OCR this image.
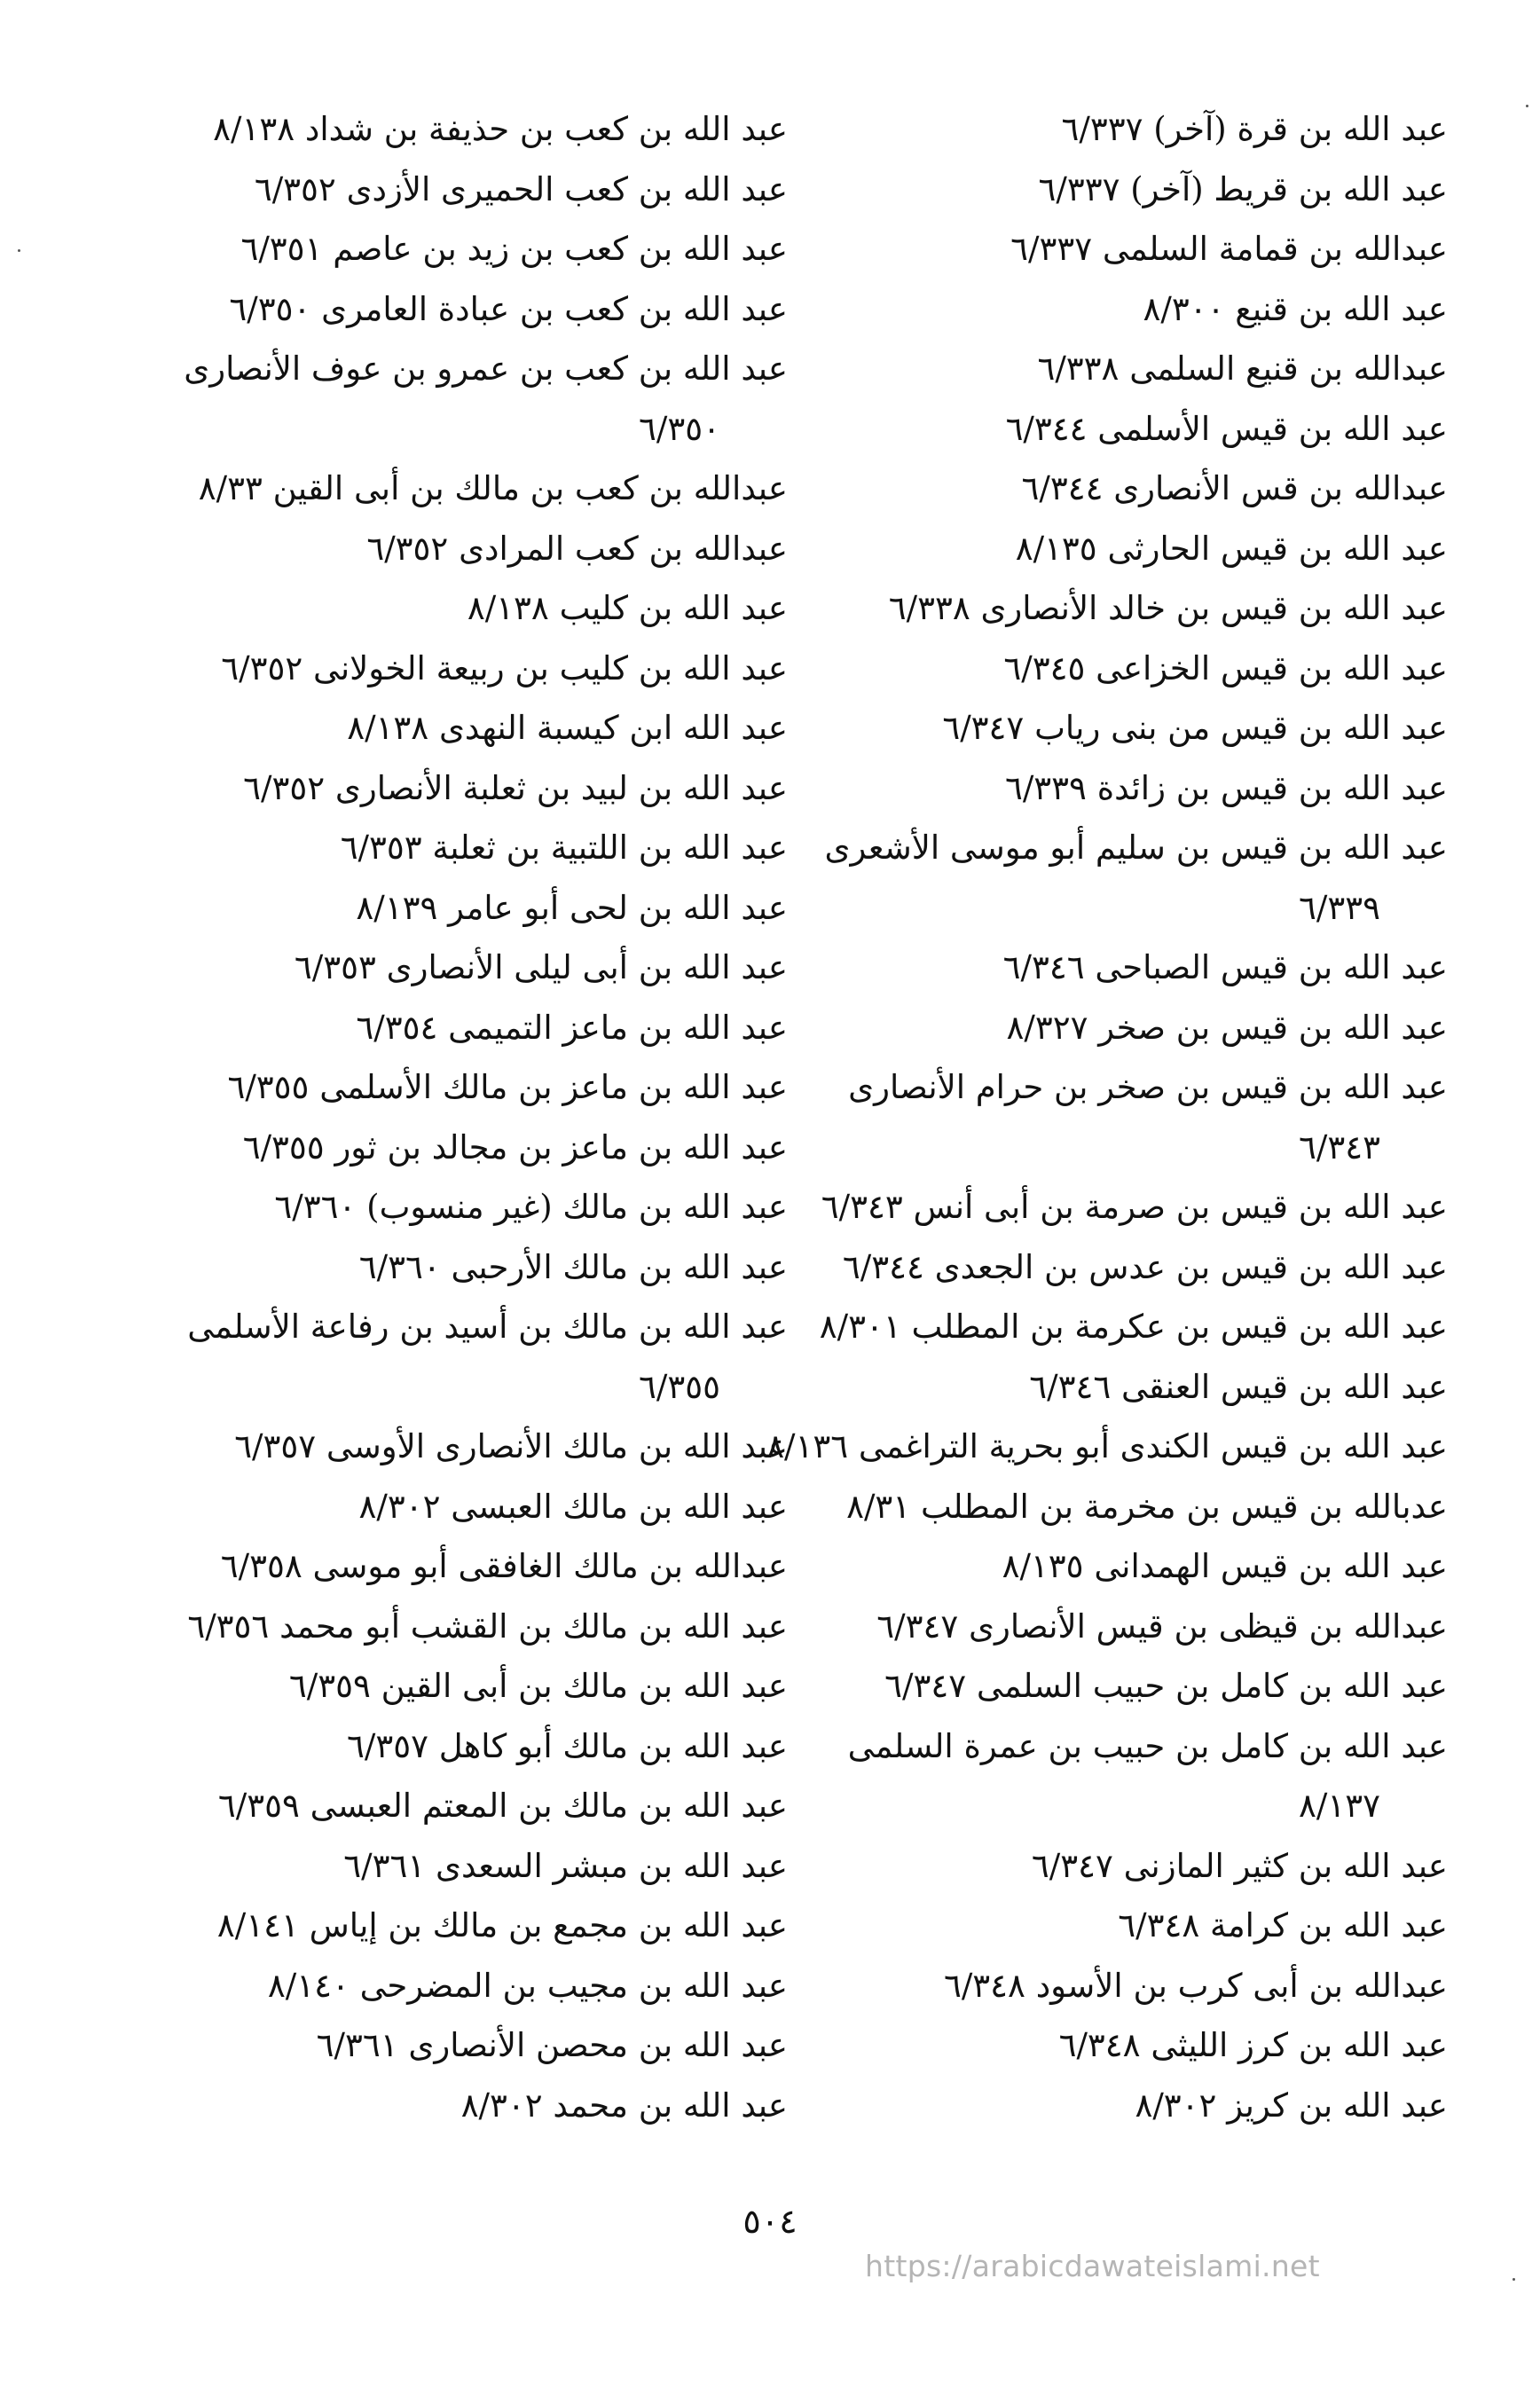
عبد الله بن قرة (آخر) ٦/٣٣٧

عبد الله بن قريط (آخر) ٦/٣٣٧

عبدالله بن قمامة السلمى ٦/٣٣٧

عبد الله بن قنيع ٨/٣٠٠

عبدالله بن قنيع السلمى ٦/٣٣٨

عبد الله بن قيس الأسلمى ٦/٣٤٤

عبدالله بن قس الأنصارى ٦/٣٤٤

عبد الله بن قيس الحارثى ٨/١٣٥

عبد الله بن قيس بن خالد الأنصارى ٦/٣٣٨

عبد الله بن قيس الخزاعى ٦/٣٤٥

عبد الله بن قيس من بنى رياب ٦/٣٤٧

عبد الله بن قيس بن زائدة ٦/٣٣٩

عبد الله بن قيس بن سليم أبو موسى الأشعرى
٦/٣٣٩

عبد الله بن قيس الصباحى ٦/٣٤٦

عبد الله بن قيس بن صخر ٨/٣٢٧

عبد الله بن قيس بن صخر بن حرام الأنصارى
٦/٣٤٣

عبد الله بن قيس بن صرمة بن أبى أنس ٦/٣٤٣

عبد الله بن قيس بن عدس بن الجعدى ٦/٣٤٤

عبد الله بن قيس بن عكرمة بن المطلب ٨/٣٠١

عبد الله بن قيس العنقى ٦/٣٤٦

عبد الله بن قيس الكندى أبو بحرية التراغمى ٨/١٣٦

عدبالله بن قيس بن مخرمة بن المطلب ٨/٣١

عبد الله بن قيس الهمدانى ٨/١٣٥

عبدالله بن قيظى بن قيس الأنصارى ٦/٣٤٧

عبد الله بن كامل بن حبيب السلمى ٦/٣٤٧

عبد الله بن كامل بن حبيب بن عمرة السلمى
٨/١٣٧

عبد الله بن كثير المازنى ٦/٣٤٧

عبد الله بن كرامة ٦/٣٤٨

عبدالله بن أبى كرب بن الأسود ٦/٣٤٨

عبد الله بن كرز الليثى ٦/٣٤٨

عبد الله بن كريز ٨/٣٠٢

عبد الله بن كعب بن حذيفة بن شداد ٨/١٣٨

عبد الله بن كعب الحميرى الأزدى ٦/٣٥٢

عبد الله بن كعب بن زيد بن عاصم ٦/٣٥١

عبد الله بن كعب بن عبادة العامرى ٦/٣٥٠

عبد الله بن كعب بن عمرو بن عوف الأنصارى
٦/٣٥٠

عبدالله بن كعب بن مالك بن أبى القين ٨/٣٣

عبدالله بن كعب المرادى ٦/٣٥٢

عبد الله بن كليب ٨/١٣٨

عبد الله بن كليب بن ربيعة الخولانى ٦/٣٥٢

عبد الله ابن كيسبة النهدى ٨/١٣٨

عبد الله بن لبيد بن ثعلبة الأنصارى ٦/٣٥٢

عبد الله بن اللتبية بن ثعلبة ٦/٣٥٣

عبد الله بن لحى أبو عامر ٨/١٣٩

عبد الله بن أبى ليلى الأنصارى ٦/٣٥٣

عبد الله بن ماعز التميمى ٦/٣٥٤

عبد الله بن ماعز بن مالك الأسلمى ٦/٣٥٥

عبد الله بن ماعز بن مجالد بن ثور ٦/٣٥٥

عبد الله بن مالك (غير منسوب) ٦/٣٦٠

عبد الله بن مالك الأرحبى ٦/٣٦٠

عبد الله بن مالك بن أسيد بن رفاعة الأسلمى
٦/٣٥٥

عبد الله بن مالك الأنصارى الأوسى ٦/٣٥٧

عبد الله بن مالك العبسى ٨/٣٠٢

عبدالله بن مالك الغافقى أبو موسى ٦/٣٥٨

عبد الله بن مالك بن القشب أبو محمد ٦/٣٥٦

عبد الله بن مالك بن أبى القين ٦/٣٥٩

عبد الله بن مالك أبو كاهل ٦/٣٥٧

عبد الله بن مالك بن المعتم العبسى ٦/٣٥٩

عبد الله بن مبشر السعدى ٦/٣٦١

عبد الله بن مجمع بن مالك بن إياس ٨/١٤١

عبد الله بن مجيب بن المضرحى ٨/١٤٠

عبد الله بن محصن الأنصارى ٦/٣٦١

عبد الله بن محمد ٨/٣٠٢

٥٠٤
https://arabicdawateislami.net
